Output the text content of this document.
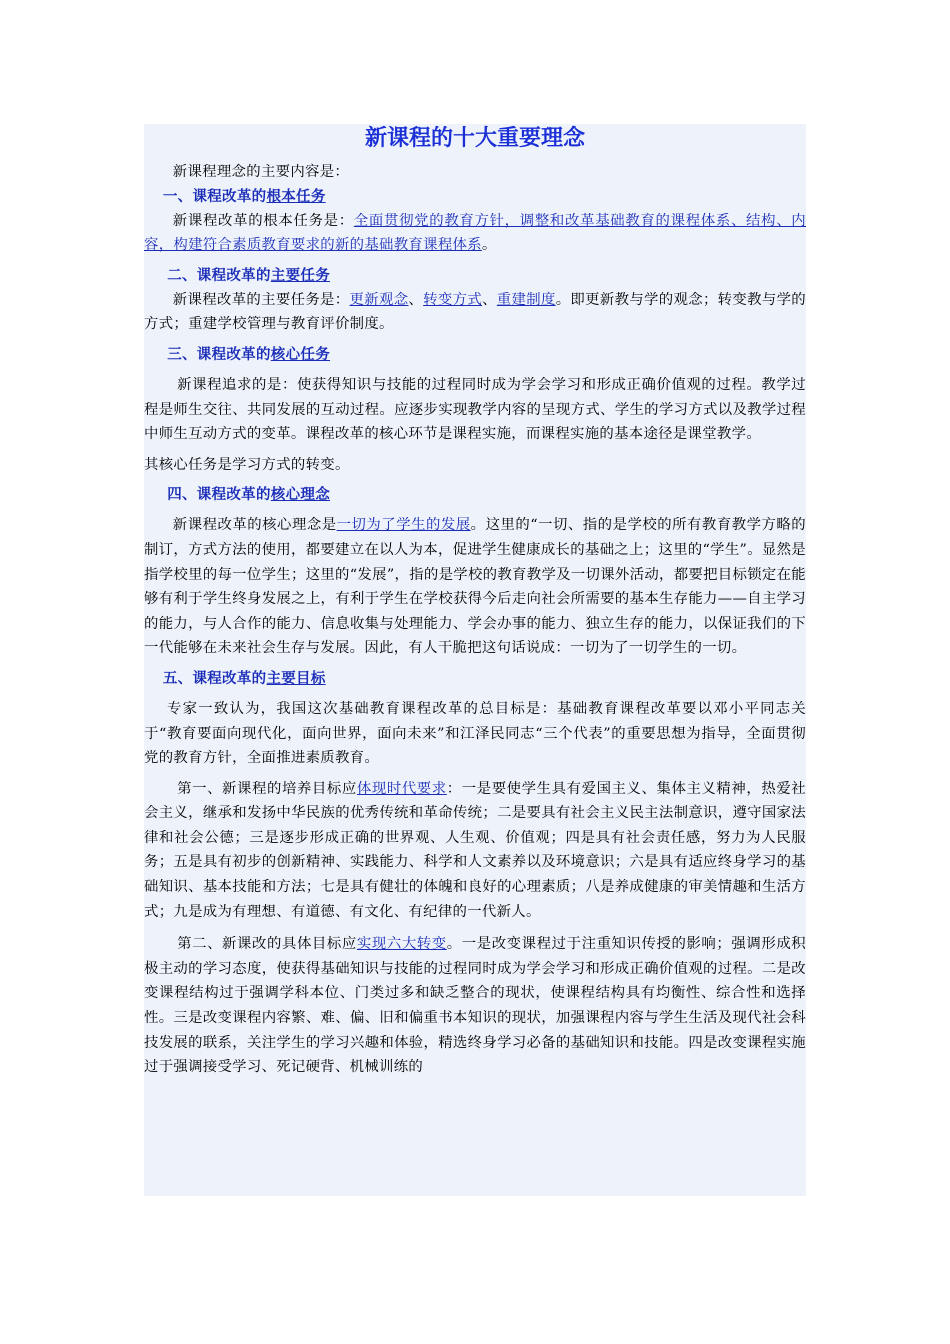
新课程的十大重要理念

新课程理念的主要内容是：

一、课程改革的根本任务

新课程改革的根本任务是：全面贯彻党的教育方针，调整和改革基础教育的课程体系、结构、内容，构建符合素质教育要求的新的基础教育课程体系。

二、课程改革的主要任务

新课程改革的主要任务是：更新观念、转变方式、重建制度。即更新教与学的观念；转变教与学的方式；重建学校管理与教育评价制度。

三、课程改革的核心任务

新课程追求的是：使获得知识与技能的过程同时成为学会学习和形成正确价值观的过程。教学过程是师生交往、共同发展的互动过程。应逐步实现教学内容的呈现方式、学生的学习方式以及教学过程中师生互动方式的变革。课程改革的核心环节是课程实施，而课程实施的基本途径是课堂教学。

其核心任务是学习方式的转变。

四、课程改革的核心理念

新课程改革的核心理念是一切为了学生的发展。这里的“一切、指的是学校的所有教育教学方略的制订，方式方法的使用，都要建立在以人为本，促进学生健康成长的基础之上；这里的“学生”。显然是指学校里的每一位学生；这里的“发展”，指的是学校的教育教学及一切课外活动，都要把目标锁定在能够有利于学生终身发展之上，有利于学生在学校获得今后走向社会所需要的基本生存能力——自主学习的能力，与人合作的能力、信息收集与处理能力、学会办事的能力、独立生存的能力，以保证我们的下一代能够在未来社会生存与发展。因此，有人干脆把这句话说成：一切为了一切学生的一切。

五、课程改革的主要目标

专家一致认为，我国这次基础教育课程改革的总目标是：基础教育课程改革要以邓小平同志关于“教育要面向现代化，面向世界，面向未来”和江泽民同志“三个代表”的重要思想为指导，全面贯彻党的教育方针，全面推进素质教育。

第一、新课程的培养目标应体现时代要求：一是要使学生具有爱国主义、集体主义精神，热爱社会主义，继承和发扬中华民族的优秀传统和革命传统；二是要具有社会主义民主法制意识，遵守国家法律和社会公德；三是逐步形成正确的世界观、人生观、价值观；四是具有社会责任感，努力为人民服务；五是具有初步的创新精神、实践能力、科学和人文素养以及环境意识；六是具有适应终身学习的基础知识、基本技能和方法；七是具有健壮的体魄和良好的心理素质；八是养成健康的审美情趣和生活方式；九是成为有理想、有道德、有文化、有纪律的一代新人。

第二、新课改的具体目标应实现六大转变。一是改变课程过于注重知识传授的影响；强调形成积极主动的学习态度，使获得基础知识与技能的过程同时成为学会学习和形成正确价值观的过程。二是改变课程结构过于强调学科本位、门类过多和缺乏整合的现状，使课程结构具有均衡性、综合性和选择性。三是改变课程内容繁、难、偏、旧和偏重书本知识的现状，加强课程内容与学生生活及现代社会科技发展的联系，关注学生的学习兴趣和体验，精选终身学习必备的基础知识和技能。四是改变课程实施过于强调接受学习、死记硬背、机械训练的
